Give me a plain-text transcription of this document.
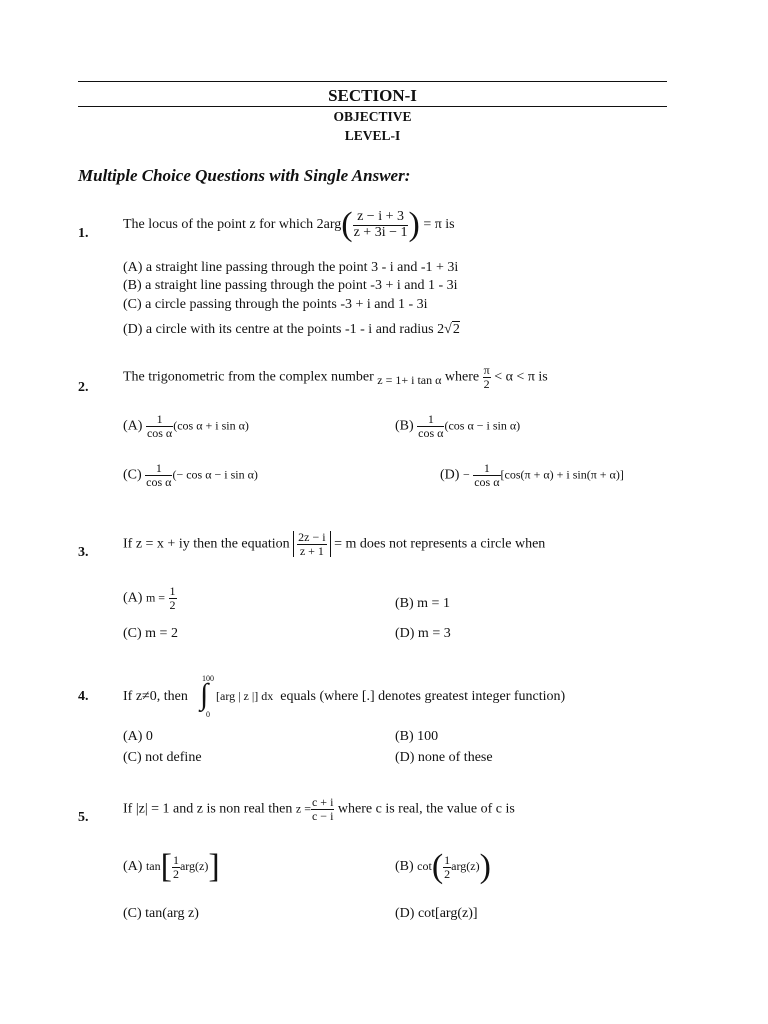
SECTION-I
OBJECTIVE
LEVEL-I
Multiple Choice Questions with Single Answer:
1.
The locus of the point z for which $2arg( \frac{z - i + 3}{z + 3i - 1}$ ) = π is
(A) a straight line passing through the point 3 - i and -1 + 3i
(B) a straight line passing through the point -3 + i and 1 - 3i
(C) a circle passing through the points -3 + i and 1 - 3i
(D) a circle with its centre at the points -1 - i and radius 2√2
2.
The trigonometric from the complex number z = 1+ i tan α where $\frac{\pi}{2} < \alpha < \pi$ is
$(A) \frac{1}{\text{cos α}} (\cos$ α + i sin α)	$(B) \frac{1}{\text{cos α}} (\cos$ α − i sin α)
$(C) \frac{1}{\text{cos α}}$ (− cos α − i sin α)	$(D) - \frac{1}{\text{cos α}} [\cos(\pi + \alpha) + i$ sin(π + α)]
3.
If z = x + iy then the equation $\frac{2z - i}{z + 1} = m$ does not represents a circle when
(A) $m = \frac{1}{2}$	(B) m = 1
(C) m = 2	(D) m = 3
4. If z≠0, then
100
∫
0
[arg | z |] dx equals (where [.] denotes greatest integer function)
(A) 0	(B) 100
(C) not define	(D) none of these
5.
If |z| = 1 and z is non real then $z = \frac{c + i}{c - i}$ where c is real, the value of c is
(A) $\tan[ \frac{1}{2} arg(z)]$	(B) $\cot( \frac{1}{2} arg(z))$
(C) tan(arg z)	(D) cot[arg(z)]
